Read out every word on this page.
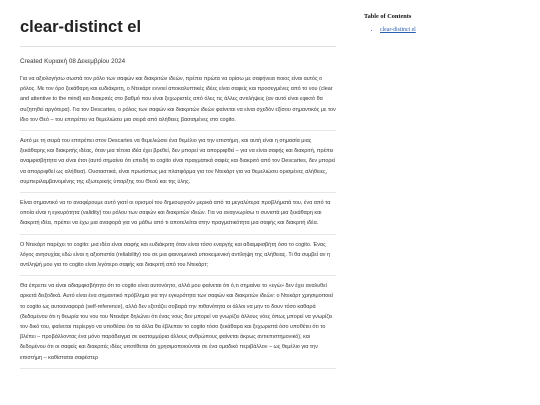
clear-distinct el
Created Κυριακή 08 Δεκεμβρίου 2024

Για να αξιολογήσω σωστά τον ρόλο των σαφών και διακριτών ιδεών, πρέπει πρώτα να ορίσω με σαφήνεια ποιος είναι αυτός ο ρόλος. Με τον όρο ξεκάθαρη και ευδιάκριτη, ο Ντεκάρτ εννοεί αποκαλυπτικές ιδέες είναι σαφείς και προσεγμένες από το νου (clear and attentive to the mind) και διακριτές στο βαθμό που είναι ξεχωριστές από όλες τις άλλες αντιλήψεις (αν αυτό είναι εφικτό θα συζητηθεί αργότερα). Για τον Descartes, ο ρόλος των σαφών και διακριτών ιδεών φαίνεται να είναι σχεδόν εξίσου σημαντικός με τον ίδιο τον Θεό – του επιτρέπει να θεμελιώσει μια σειρά από αλήθειες βασισμένες στο cogito.

Αυτό με τη σειρά του επιτρέπει στον Descartes να θεμελιώσει ένα θεμέλιο για την επιστήμη, και αυτή είναι η σημασία μιας ξεκάθαρης και διακριτής ιδέας, όταν μια τέτοια ιδέα έχει βρεθεί, δεν μπορεί να απορριφθεί – για να είναι σαφής και διακριτή, πρέπει αναμφισβήτητα να είναι έτσι (αυτό σημαίνει ότι επειδή το cogito είναι πραγματικά σαφές και διακριτό από τον Descartes, δεν μπορεί να απορριφθεί ως αλήθεια). Ουσιαστικά, είναι πρωτίστως μια πλατφόρμα για τον Ντεκάρτ για να θεμελιώσει ορισμένες αλήθειες, συμπεριλαμβανομένης της εξωτερικής ύπαρξης του Θεού και της ύλης.

Είναι σημαντικό να το αναφέρουμε αυτό γιατί οι ορισμοί του δημιουργούν μερικά από τα μεγαλύτερα προβλήματά του, ένα από τα οποία είναι η εγκυρότητα (validity) του ρόλου των σαφών και διακριτών ιδεών. Για να αναγνωρίσω τι συνιστά μια ξεκάθαρη και διακριτή ιδέα, πρέπει να έχω μια αναφορά για να μάθω από τι αποτελείται στην πραγματικότητα μια σαφής και διακριτή ιδέα.

Ο Ντεκάρτ παρέχει το cogito: μια ιδέα είναι σαφής και ευδιάκριτη όταν είναι τόσο εναργής και αδιαμφισβήτη όσο το cogito. Ένας λόγος ανησυχίας εδώ είναι η αξιοπιστία (reliability) του σε μια φαινομενικά υποκειμενική αντίληψη της αλήθειας. Τι θα συμβεί αν η αντίληψή μου για το cogito είναι λιγότερο σαφής και διακριτή από του Ντεκάρτ;

Θα έπρεπε να είναι αδιαμφισβήτητο ότι το cogito είναι αυτονόητο, αλλά μου φαίνεται ότι ό,τι σημαίνει το «εγώ» δεν έχει αναλυθεί αρκετά διεξοδικά. Αυτό είναι ένα σημαντικό πρόβλημα για την εγκυρότητα των σαφών και διακριτών ιδεών: ο Ντεκάρτ χρησιμοποιεί το cogito ως αυτοαναφορά (self-reference), αλλά δεν εξετάζει σοβαρά την πιθανότητα οι άλλοι να μην το δουν τόσο καθαρά (δεδομένου ότι η θεωρία του νου του Ντεκάρτ δηλώνει ότι ένας νους δεν μπορεί να γνωρίζει άλλους νόες όπως μπορεί να γνωρίζει τον δικό του, φαίνεται περίεργο να υποθέσει ότι τα άλλα θα έβλεπαν το cogito τόσο ξεκάθαρα και ξεχωριστά όσο υποθέτει ότι το βλέπει – προβάλλοντας ένα μόνο παράδειγμα σε εκατομμύρια άλλους ανθρώπους φαίνεται άκρως αντιεπιστημονικό), και δεδομένου ότι οι σαφείς και διακριτές ιδέες υποτίθεται ότι χρησιμοποιούνται σε ένα ομαδικό περιβάλλον – ως θεμέλιο για την επιστήμη – καθίσταται σαφέστερ

Table of Contents
• clear-distinct el
